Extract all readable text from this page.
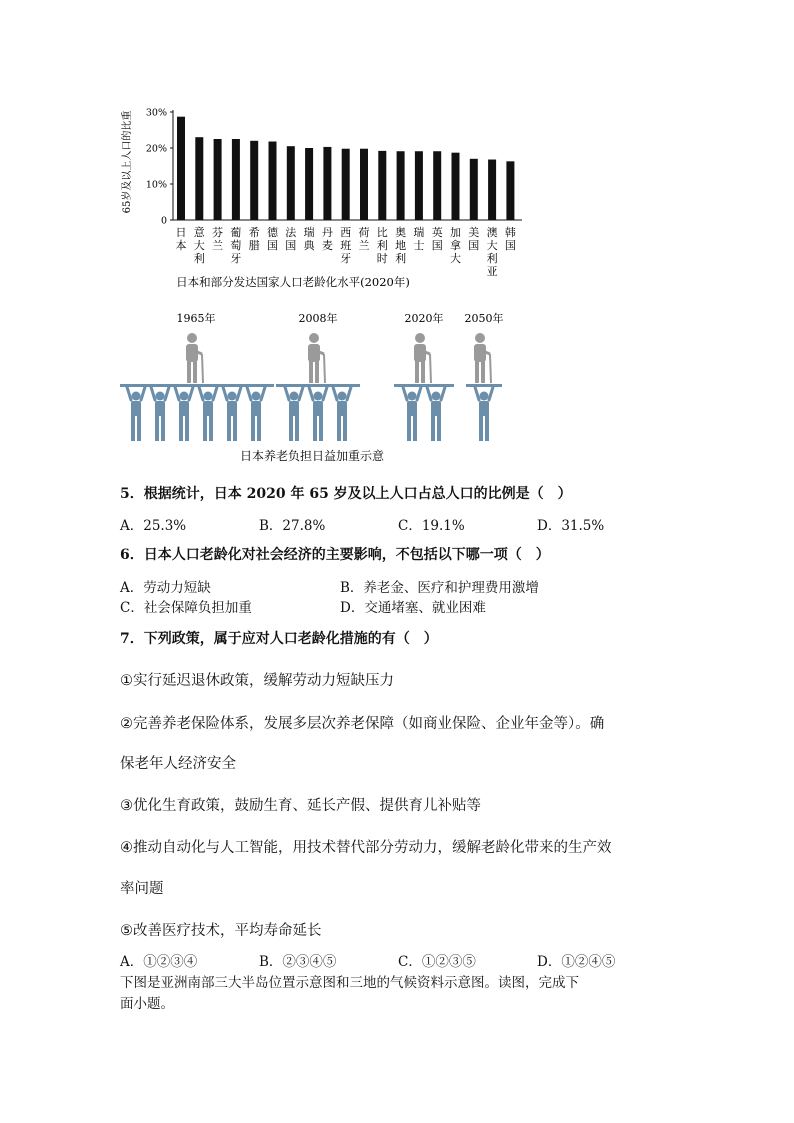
65岁及以上人口的比重
0
10%
20%
30%
日本
意大利
芬兰
葡萄牙
希腊
德国
法国
瑞典
丹麦
西班牙
荷兰
比利时
奥地利
瑞士
英国
加拿大
美国
澳大利亚
韩国
日本和部分发达国家人口老龄化水平(2020年)
1965年	2008年	2020年 2050年
日本养老负担日益加重示意
5．根据统计，日本 2020 年 65 岁及以上人口占总人口的比例是（　）
A．25.3%	B．27.8%	C．19.1%	D．31.5%
6．日本人口老龄化对社会经济的主要影响，不包括以下哪一项（　）
A．劳动力短缺	B．养老金、医疗和护理费用激增
C．社会保障负担加重	D．交通堵塞、就业困难
7．下列政策，属于应对人口老龄化措施的有（　）
①实行延迟退休政策，缓解劳动力短缺压力
②完善养老保险体系，发展多层次养老保障（如商业保险、企业年金等）。确
保老年人经济安全
③优化生育政策，鼓励生育、延长产假、提供育儿补贴等
④推动自动化与人工智能，用技术替代部分劳动力，缓解老龄化带来的生产效
率问题
⑤改善医疗技术，平均寿命延长
A．①②③④	B．②③④⑤	C．①②③⑤	D．①②④⑤
下图是亚洲南部三大半岛位置示意图和三地的气候资料示意图。读图，完成下
面小题。
